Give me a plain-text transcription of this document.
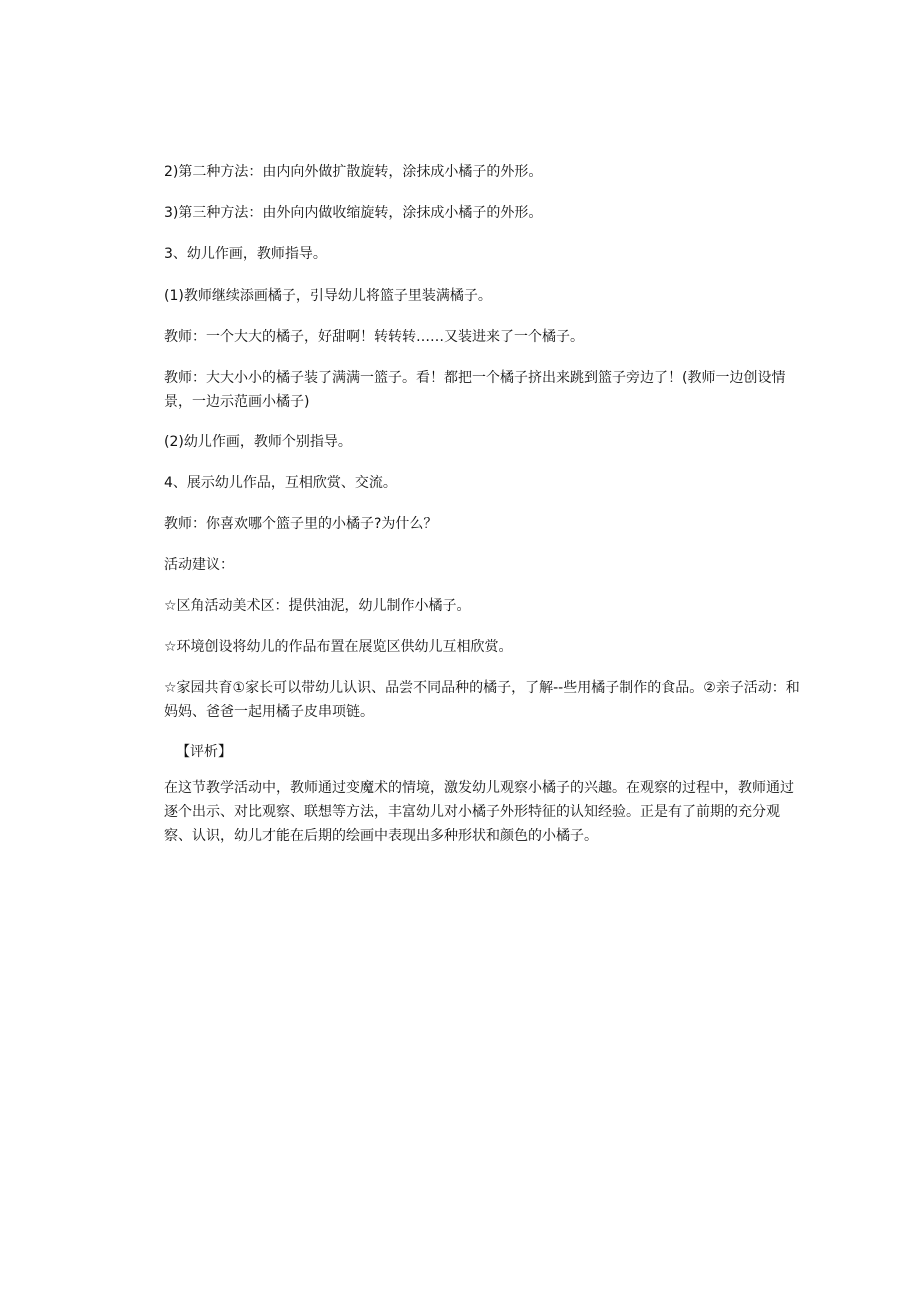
2)第二种方法：由内向外做扩散旋转，涂抹成小橘子的外形。

3)第三种方法：由外向内做收缩旋转，涂抹成小橘子的外形。

3、幼儿作画，教师指导。

(1)教师继续添画橘子，引导幼儿将篮子里装满橘子。

教师：一个大大的橘子，好甜啊！转转转……又装进来了一个橘子。

教师：大大小小的橘子装了满满一篮子。看！都把一个橘子挤出来跳到篮子旁边了！(教师一边创设情景，一边示范画小橘子)

(2)幼儿作画，教师个别指导。

4、展示幼儿作品，互相欣赏、交流。

教师：你喜欢哪个篮子里的小橘子?为什么？

活动建议：

☆区角活动美术区：提供油泥，幼儿制作小橘子。

☆环境创设将幼儿的作品布置在展览区供幼儿互相欣赏。

☆家园共育①家长可以带幼儿认识、品尝不同品种的橘子，了解--些用橘子制作的食品。②亲子活动：和妈妈、爸爸一起用橘子皮串项链。

【评析】

在这节教学活动中，教师通过变魔术的情境，激发幼儿观察小橘子的兴趣。在观察的过程中，教师通过逐个出示、对比观察、联想等方法，丰富幼儿对小橘子外形特征的认知经验。正是有了前期的充分观察、认识，幼儿才能在后期的绘画中表现出多种形状和颜色的小橘子。
